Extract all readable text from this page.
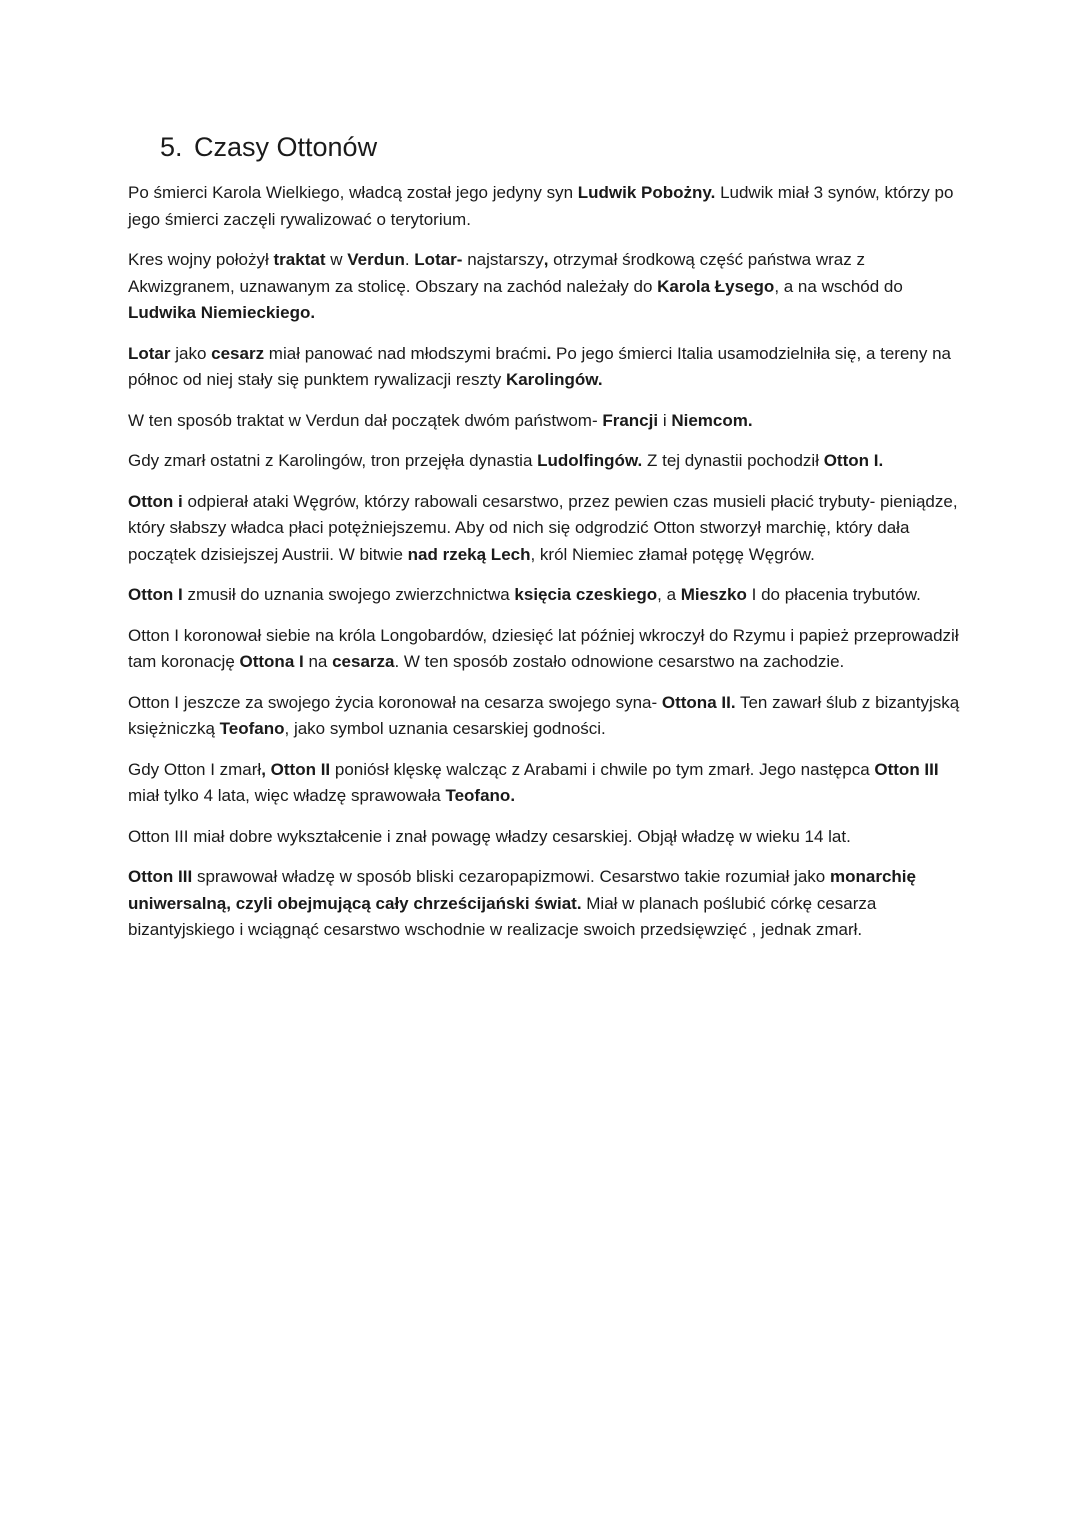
5. Czasy Ottonów

Po śmierci Karola Wielkiego, władcą został jego jedyny syn Ludwik Pobożny. Ludwik miał 3 synów, którzy po jego śmierci zaczęli rywalizować o terytorium.

Kres wojny położył traktat w Verdun. Lotar- najstarszy, otrzymał środkową część państwa wraz z Akwizgranem, uznawanym za stolicę. Obszary na zachód należały do Karola Łysego, a na wschód do Ludwika Niemieckiego.

Lotar jako cesarz miał panować nad młodszymi braćmi. Po jego śmierci Italia usamodzielniła się, a tereny na północ od niej stały się punktem rywalizacji reszty Karolingów.

W ten sposób traktat w Verdun dał początek dwóm państwom- Francji i Niemcom.

Gdy zmarł ostatni z Karolingów, tron przejęła dynastia Ludolfingów. Z tej dynastii pochodził Otton I.

Otton i odpierał ataki Węgrów, którzy rabowali cesarstwo, przez pewien czas musieli płacić trybuty- pieniądze, który słabszy władca płaci potężniejszemu. Aby od nich się odgrodzić Otton stworzył marchię, który dała początek dzisiejszej Austrii. W bitwie nad rzeką Lech, król Niemiec złamał potęgę Węgrów.

Otton I zmusił do uznania swojego zwierzchnictwa księcia czeskiego, a Mieszko I do płacenia trybutów.

Otton I koronował siebie na króla Longobardów, dziesięć lat później wkroczył do Rzymu i papież przeprowadził tam koronację Ottona I na cesarza. W ten sposób zostało odnowione cesarstwo na zachodzie.

Otton I jeszcze za swojego życia koronował na cesarza swojego syna- Ottona II. Ten zawarł ślub z bizantyjską księżniczką Teofano, jako symbol uznania cesarskiej godności.

Gdy Otton I zmarł, Otton II poniósł klęskę walcząc z Arabami i chwile po tym zmarł. Jego następca Otton III miał tylko 4 lata, więc władzę sprawowała Teofano.

Otton III miał dobre wykształcenie i znał powagę władzy cesarskiej. Objął władzę w wieku 14 lat.

Otton III sprawował władzę w sposób bliski cezaropapizmowi. Cesarstwo takie rozumiał jako monarchię uniwersalną, czyli obejmującą cały chrześcijański świat. Miał w planach poślubić córkę cesarza bizantyjskiego i wciągnąć cesarstwo wschodnie w realizacje swoich przedsięwzięć , jednak zmarł.
